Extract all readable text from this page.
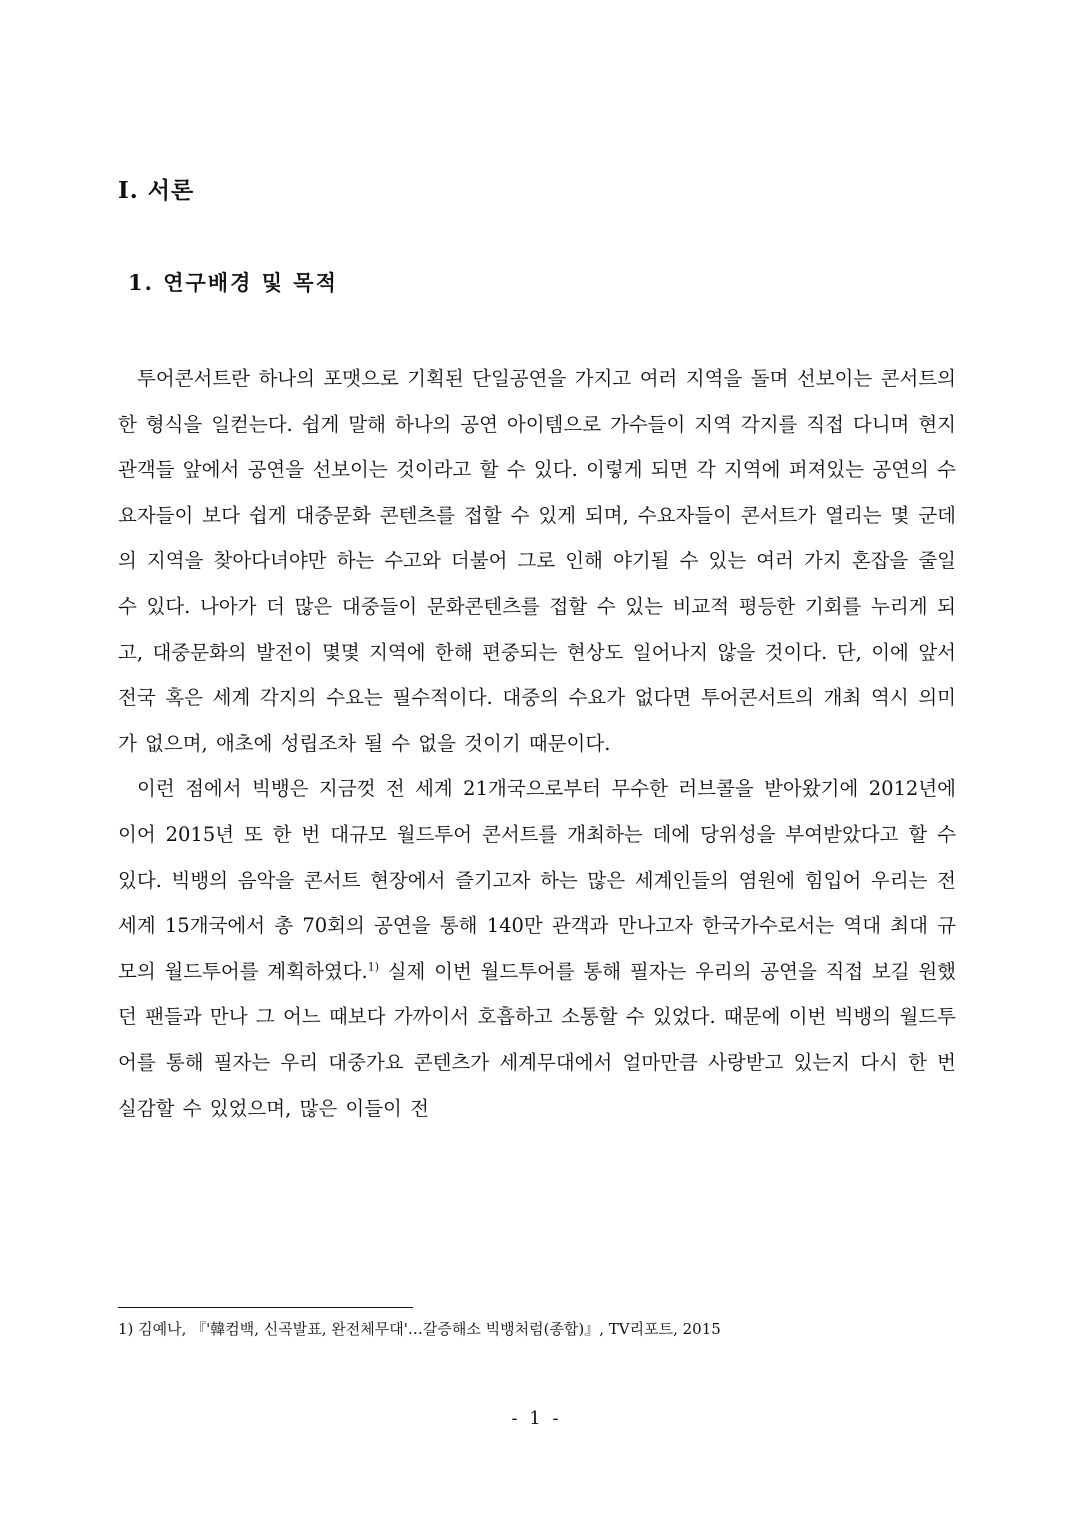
I. 서론
1. 연구배경 및 목적

투어콘서트란 하나의 포맷으로 기획된 단일공연을 가지고 여러 지역을 돌며 선보이는 콘서트의 한 형식을 일컫는다. 쉽게 말해 하나의 공연 아이템으로 가수들이 지역 각지를 직접 다니며 현지 관객들 앞에서 공연을 선보이는 것이라고 할 수 있다. 이렇게 되면 각 지역에 퍼져있는 공연의 수요자들이 보다 쉽게 대중문화 콘텐츠를 접할 수 있게 되며, 수요자들이 콘서트가 열리는 몇 군데의 지역을 찾아다녀야만 하는 수고와 더불어 그로 인해 야기될 수 있는 여러 가지 혼잡을 줄일 수 있다. 나아가 더 많은 대중들이 문화콘텐츠를 접할 수 있는 비교적 평등한 기회를 누리게 되고, 대중문화의 발전이 몇몇 지역에 한해 편중되는 현상도 일어나지 않을 것이다. 단, 이에 앞서 전국 혹은 세계 각지의 수요는 필수적이다. 대중의 수요가 없다면 투어콘서트의 개최 역시 의미가 없으며, 애초에 성립조차 될 수 없을 것이기 때문이다.

이런 점에서 빅뱅은 지금껏 전 세계 21개국으로부터 무수한 러브콜을 받아왔기에 2012년에 이어 2015년 또 한 번 대규모 월드투어 콘서트를 개최하는 데에 당위성을 부여받았다고 할 수 있다. 빅뱅의 음악을 콘서트 현장에서 즐기고자 하는 많은 세계인들의 염원에 힘입어 우리는 전 세계 15개국에서 총 70회의 공연을 통해 140만 관객과 만나고자 한국가수로서는 역대 최대 규모의 월드투어를 계획하였다.$^{1)}$ 실제 이번 월드투어를 통해 필자는 우리의 공연을 직접 보길 원했던 팬들과 만나 그 어느 때보다 가까이서 호흡하고 소통할 수 있었다. 때문에 이번 빅뱅의 월드투어를 통해 필자는 우리 대중가요 콘텐츠가 세계무대에서 얼마만큼 사랑받고 있는지 다시 한 번 실감할 수 있었으며, 많은 이들이 전

1) 김예나, 『'韓컴백, 신곡발표, 완전체무대'…갈증해소 빅뱅처럼(종합)』, TV리포트, 2015
- 1 -
